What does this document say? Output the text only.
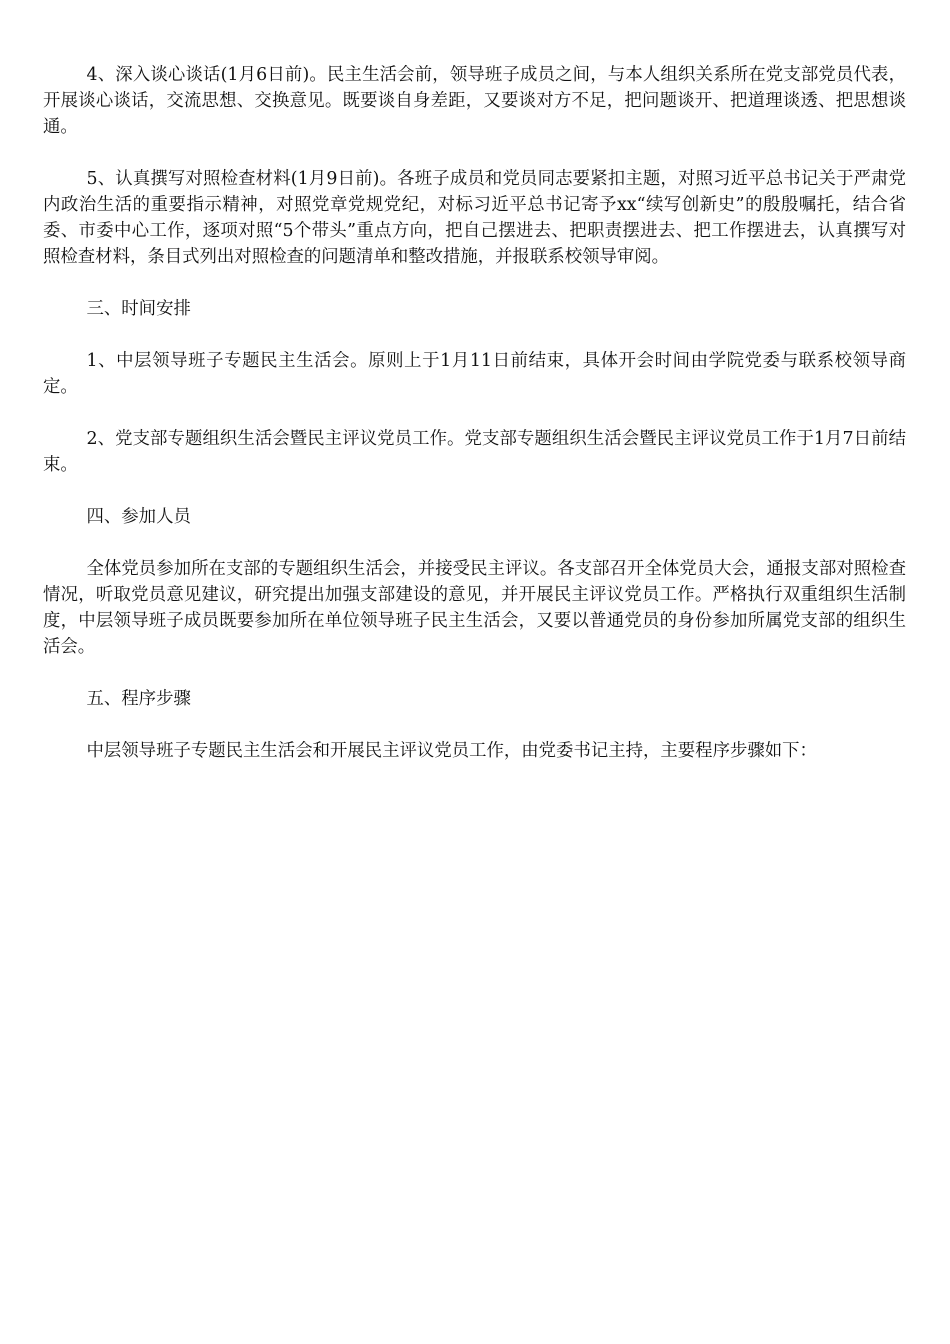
4、深入谈心谈话(1月6日前)。民主生活会前，领导班子成员之间，与本人组织关系所在党支部党员代表，开展谈心谈话，交流思想、交换意见。既要谈自身差距，又要谈对方不足，把问题谈开、把道理谈透、把思想谈通。

5、认真撰写对照检查材料(1月9日前)。各班子成员和党员同志要紧扣主题，对照习近平总书记关于严肃党内政治生活的重要指示精神，对照党章党规党纪，对标习近平总书记寄予xx“续写创新史”的殷殷嘱托，结合省委、市委中心工作，逐项对照“5个带头”重点方向，把自己摆进去、把职责摆进去、把工作摆进去，认真撰写对照检查材料，条目式列出对照检查的问题清单和整改措施，并报联系校领导审阅。

三、时间安排

1、中层领导班子专题民主生活会。原则上于1月11日前结束，具体开会时间由学院党委与联系校领导商定。

2、党支部专题组织生活会暨民主评议党员工作。党支部专题组织生活会暨民主评议党员工作于1月7日前结束。

四、参加人员

全体党员参加所在支部的专题组织生活会，并接受民主评议。各支部召开全体党员大会，通报支部对照检查情况，听取党员意见建议，研究提出加强支部建设的意见，并开展民主评议党员工作。严格执行双重组织生活制度，中层领导班子成员既要参加所在单位领导班子民主生活会，又要以普通党员的身份参加所属党支部的组织生活会。

五、程序步骤

中层领导班子专题民主生活会和开展民主评议党员工作，由党委书记主持，主要程序步骤如下：
